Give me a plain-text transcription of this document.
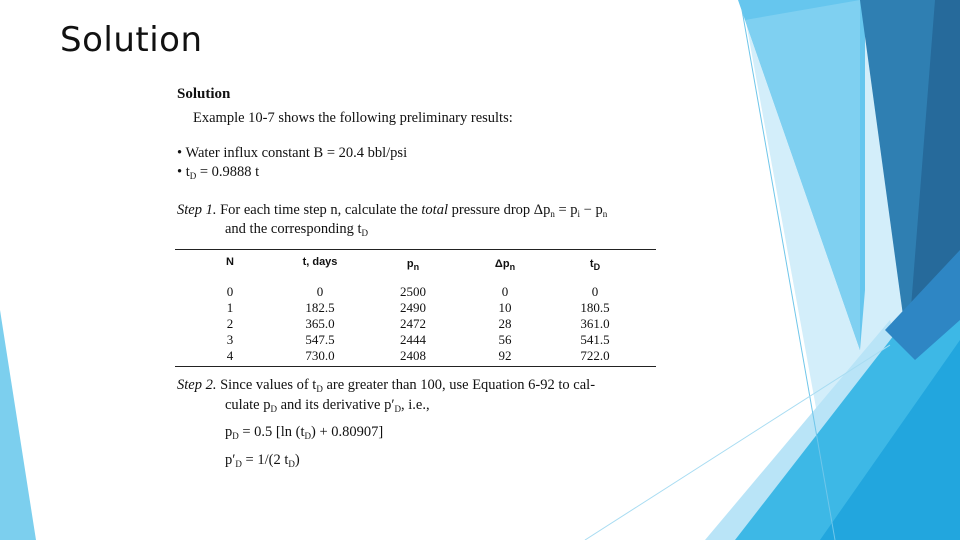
Solution
Solution
Example 10-7 shows the following preliminary results:
• Water influx constant B = 20.4 bbl/psi
• $t_D = 0.9888$ t
Step 1. For each time step n, calculate the total pressure drop $\Delta p_n = p_i - p_n$
and the corresponding $t_D$
N	t, days	$p_n$	$\Delta p_n$	$t_D$
0	0	2500	0	0
1	182.5	2490	10	180.5
2	365.0	2472	28	361.0
3	547.5	2444	56	541.5
4	730.0	2408	92	722.0
Step 2. Since values of $t_D$ are greater than 100, use Equation 6-92 to cal-
culate $p_D$ and its derivative $p'_D$, i.e.,
$p_D = 0.5$ [ln $(t_D) + 0.80907$]
$p'_D = 1/(2$ $t_D$)
